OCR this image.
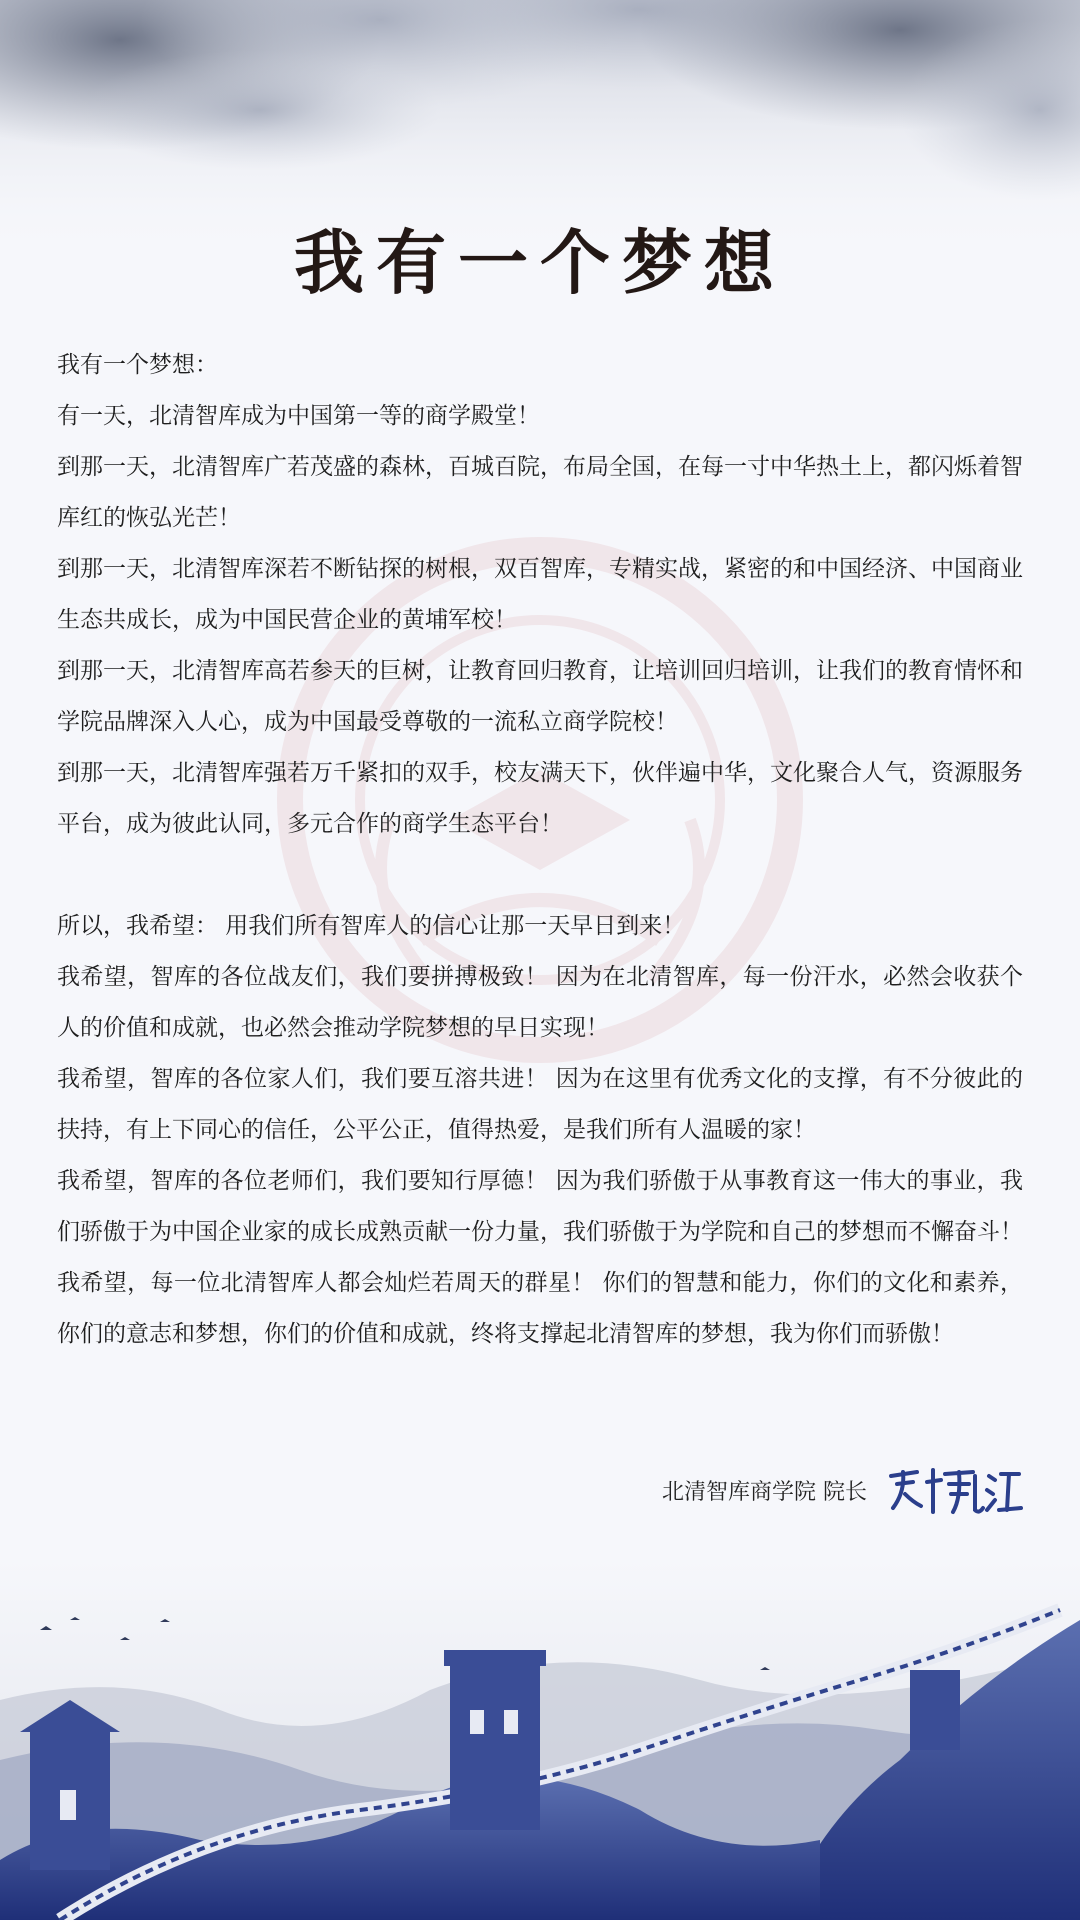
我有一个梦想

我有一个梦想：

有一天，北清智库成为中国第一等的商学殿堂！

到那一天，北清智库广若茂盛的森林，百城百院，布局全国，在每一寸中华热土上，都闪烁着智库红的恢弘光芒！

到那一天，北清智库深若不断钻探的树根，双百智库，专精实战，紧密的和中国经济、中国商业生态共成长，成为中国民营企业的黄埔军校！

到那一天，北清智库高若参天的巨树，让教育回归教育，让培训回归培训，让我们的教育情怀和学院品牌深入人心，成为中国最受尊敬的一流私立商学院校！

到那一天，北清智库强若万千紧扣的双手，校友满天下，伙伴遍中华，文化聚合人气，资源服务平台，成为彼此认同，多元合作的商学生态平台！

所以，我希望： 用我们所有智库人的信心让那一天早日到来！

我希望，智库的各位战友们，我们要拼搏极致！ 因为在北清智库，每一份汗水，必然会收获个人的价值和成就，也必然会推动学院梦想的早日实现！

我希望，智库的各位家人们，我们要互溶共进！ 因为在这里有优秀文化的支撑，有不分彼此的扶持，有上下同心的信任，公平公正，值得热爱，是我们所有人温暖的家！

我希望，智库的各位老师们，我们要知行厚德！ 因为我们骄傲于从事教育这一伟大的事业，我们骄傲于为中国企业家的成长成熟贡献一份力量，我们骄傲于为学院和自己的梦想而不懈奋斗！

我希望，每一位北清智库人都会灿烂若周天的群星！ 你们的智慧和能力，你们的文化和素养，你们的意志和梦想，你们的价值和成就，终将支撑起北清智库的梦想，我为你们而骄傲！

北清智库商学院 院长
